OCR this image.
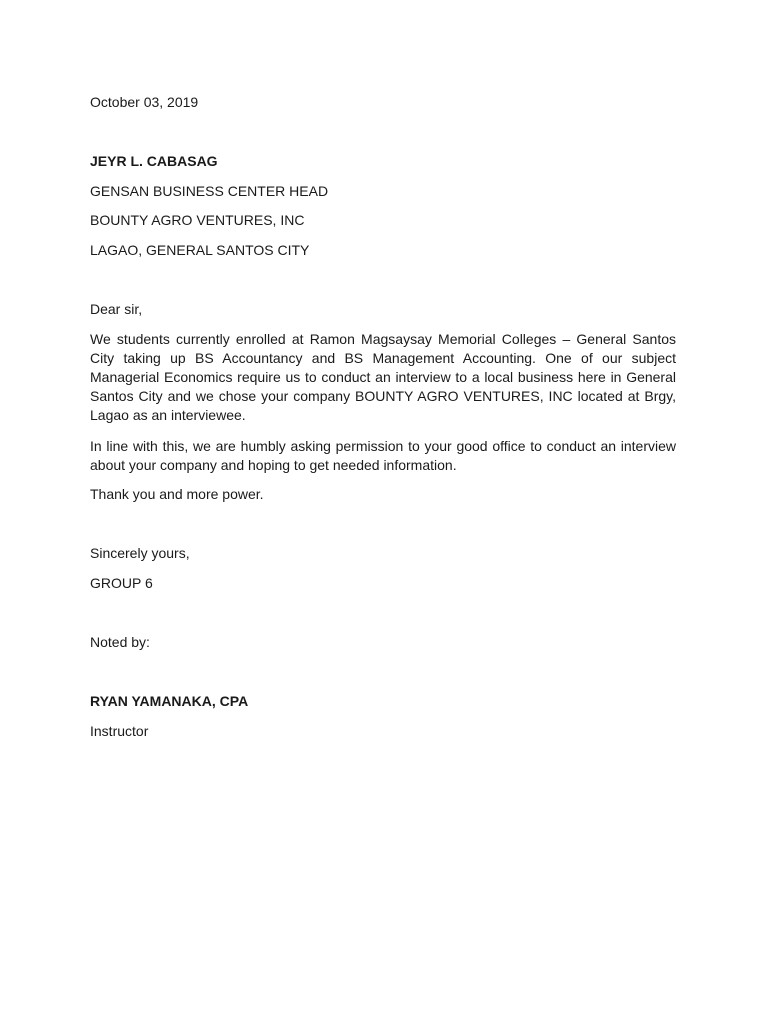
October 03, 2019
JEYR L. CABASAG
GENSAN BUSINESS CENTER HEAD
BOUNTY AGRO VENTURES, INC
LAGAO, GENERAL SANTOS CITY
Dear sir,
We students currently enrolled at Ramon Magsaysay Memorial Colleges – General Santos City taking up BS Accountancy and BS Management Accounting. One of our subject Managerial Economics require us to conduct an interview to a local business here in General Santos City and we chose your company BOUNTY AGRO VENTURES, INC located at Brgy, Lagao as an interviewee.
In line with this, we are humbly asking permission to your good office to conduct an interview about your company and hoping to get needed information.
Thank you and more power.
Sincerely yours,
GROUP 6
Noted by:
RYAN YAMANAKA, CPA
Instructor
